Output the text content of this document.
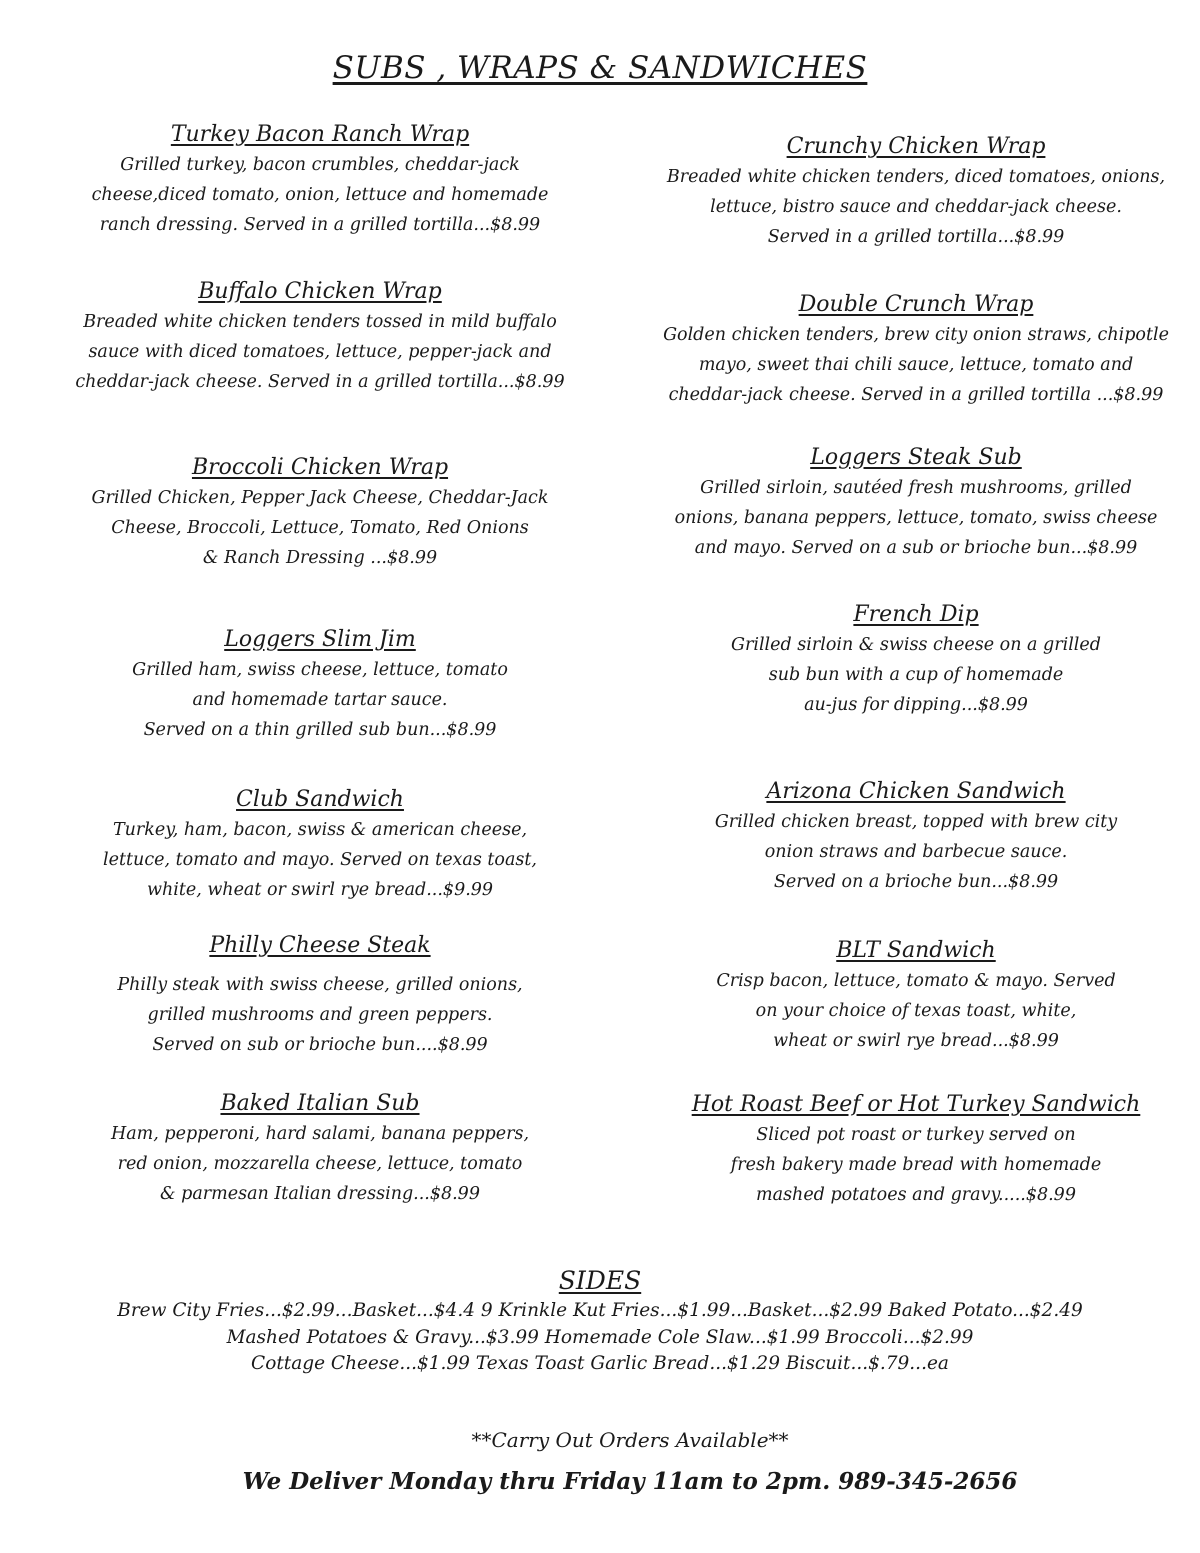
SUBS , WRAPS & SANDWICHES
Turkey Bacon Ranch Wrap
Grilled turkey, bacon crumbles, cheddar-jack
cheese,diced tomato, onion, lettuce and homemade
ranch dressing. Served in a grilled tortilla...$8.99
Buffalo Chicken Wrap
Breaded white chicken tenders tossed in mild buffalo
sauce with diced tomatoes, lettuce, pepper-jack and
cheddar-jack cheese. Served in a grilled tortilla...$8.99
Broccoli Chicken Wrap
Grilled Chicken, Pepper Jack Cheese, Cheddar-Jack
Cheese, Broccoli, Lettuce, Tomato, Red Onions
& Ranch Dressing ...$8.99
Loggers Slim Jim
Grilled ham, swiss cheese, lettuce, tomato
and homemade tartar sauce.
Served on a thin grilled sub bun...$8.99
Club Sandwich
Turkey, ham, bacon, swiss & american cheese,
lettuce, tomato and mayo. Served on texas toast,
white, wheat or swirl rye bread...$9.99
Philly Cheese Steak
Philly steak with swiss cheese, grilled onions,
grilled mushrooms and green peppers.
Served on sub or brioche bun....$8.99
Baked Italian Sub
Ham, pepperoni, hard salami, banana peppers,
red onion, mozzarella cheese, lettuce, tomato
& parmesan Italian dressing...$8.99
Crunchy Chicken Wrap
Breaded white chicken tenders, diced tomatoes, onions,
lettuce, bistro sauce and cheddar-jack cheese.
Served in a grilled tortilla...$8.99
Double Crunch Wrap
Golden chicken tenders, brew city onion straws, chipotle
mayo, sweet thai chili sauce, lettuce, tomato and
cheddar-jack cheese. Served in a grilled tortilla ...$8.99
Loggers Steak Sub
Grilled sirloin, sautéed fresh mushrooms, grilled
onions, banana peppers, lettuce, tomato, swiss cheese
and mayo. Served on a sub or brioche bun...$8.99
French Dip
Grilled sirloin & swiss cheese on a grilled
sub bun with a cup of homemade
au-jus for dipping...$8.99
Arizona Chicken Sandwich
Grilled chicken breast, topped with brew city
onion straws and barbecue sauce.
Served on a brioche bun...$8.99
BLT Sandwich
Crisp bacon, lettuce, tomato & mayo. Served
on your choice of texas toast, white,
wheat or swirl rye bread...$8.99
Hot Roast Beef or Hot Turkey Sandwich
Sliced pot roast or turkey served on
fresh bakery made bread with homemade
mashed potatoes and gravy.....$8.99
SIDES
Brew City Fries...$2.99...Basket...$4.4 9 Krinkle Kut Fries...$1.99...Basket...$2.99 Baked Potato...$2.49
Mashed Potatoes & Gravy...$3.99 Homemade Cole Slaw...$1.99 Broccoli...$2.99
Cottage Cheese...$1.99 Texas Toast Garlic Bread...$1.29 Biscuit...$.79...ea
**Carry Out Orders Available**
We Deliver Monday thru Friday 11am to 2pm. 989-345-2656
